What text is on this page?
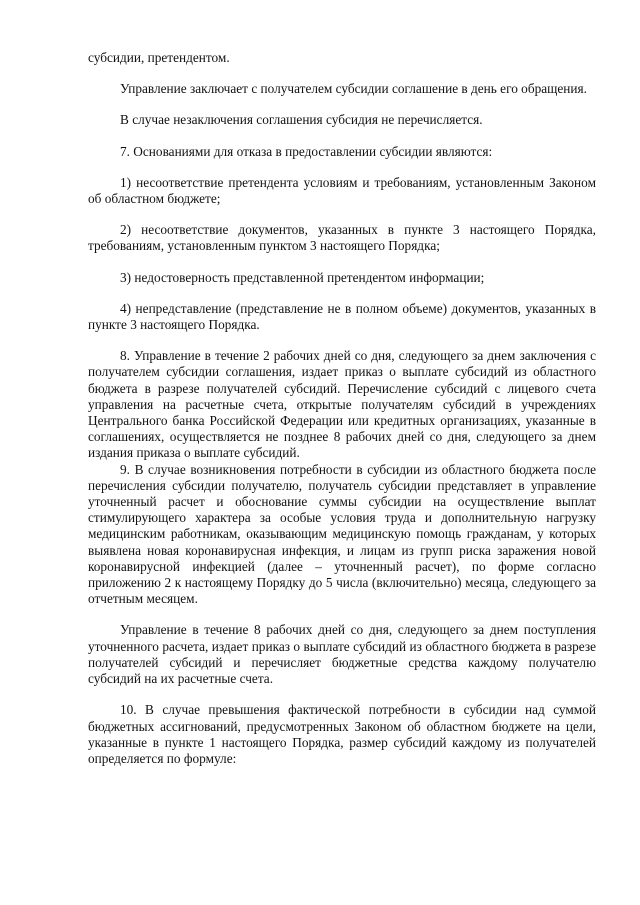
субсидии, претендентом.

Управление заключает с получателем субсидии соглашение в день его обращения.

В случае незаключения соглашения субсидия не перечисляется.

7. Основаниями для отказа в предоставлении субсидии являются:

1) несоответствие претендента условиям и требованиям, установленным Законом об областном бюджете;

2) несоответствие документов, указанных в пункте 3 настоящего Порядка, требованиям, установленным пунктом 3 настоящего Порядка;

3) недостоверность представленной претендентом информации;

4) непредставление (представление не в полном объеме) документов, указанных в пункте 3 настоящего Порядка.

8. Управление в течение 2 рабочих дней со дня, следующего за днем заключения с получателем субсидии соглашения, издает приказ о выплате субсидий из областного бюджета в разрезе получателей субсидий. Перечисление субсидий с лицевого счета управления на расчетные счета, открытые получателям субсидий в учреждениях Центрального банка Российской Федерации или кредитных организациях, указанные в соглашениях, осуществляется не позднее 8 рабочих дней со дня, следующего за днем издания приказа о выплате субсидий.

9. В случае возникновения потребности в субсидии из областного бюджета после перечисления субсидии получателю, получатель субсидии представляет в управление уточненный расчет и обоснование суммы субсидии на осуществление выплат стимулирующего характера за особые условия труда и дополнительную нагрузку медицинским работникам, оказывающим медицинскую помощь гражданам, у которых выявлена новая коронавирусная инфекция, и лицам из групп риска заражения новой коронавирусной инфекцией (далее – уточненный расчет), по форме согласно приложению 2 к настоящему Порядку до 5 числа (включительно) месяца, следующего за отчетным месяцем.

Управление в течение 8 рабочих дней со дня, следующего за днем поступления уточненного расчета, издает приказ о выплате субсидий из областного бюджета в разрезе получателей субсидий и перечисляет бюджетные средства каждому получателю субсидий на их расчетные счета.

10. В случае превышения фактической потребности в субсидии над суммой бюджетных ассигнований, предусмотренных Законом об областном бюджете на цели, указанные в пункте 1 настоящего Порядка, размер субсидий каждому из получателей определяется по формуле:
